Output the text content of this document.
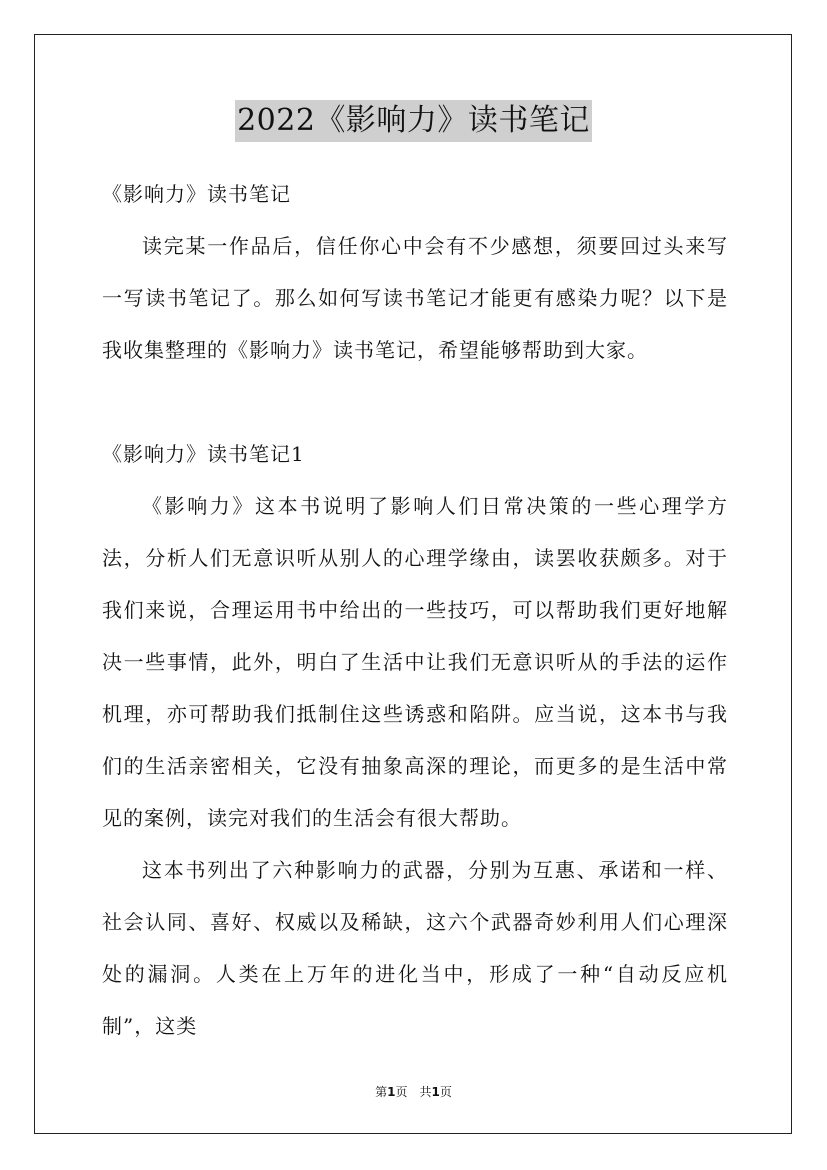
2022《影响力》读书笔记

《影响力》读书笔记

读完某一作品后，信任你心中会有不少感想，须要回过头来写一写读书笔记了。那么如何写读书笔记才能更有感染力呢？以下是我收集整理的《影响力》读书笔记，希望能够帮助到大家。

《影响力》读书笔记1

《影响力》这本书说明了影响人们日常决策的一些心理学方法，分析人们无意识听从别人的心理学缘由，读罢收获颇多。对于我们来说，合理运用书中给出的一些技巧，可以帮助我们更好地解决一些事情，此外，明白了生活中让我们无意识听从的手法的运作机理，亦可帮助我们抵制住这些诱惑和陷阱。应当说，这本书与我们的生活亲密相关，它没有抽象高深的理论，而更多的是生活中常见的案例，读完对我们的生活会有很大帮助。

这本书列出了六种影响力的武器，分别为互惠、承诺和一样、社会认同、喜好、权威以及稀缺，这六个武器奇妙利用人们心理深处的漏洞。人类在上万年的进化当中，形成了一种“自动反应机制”，这类

第1页　共1页
